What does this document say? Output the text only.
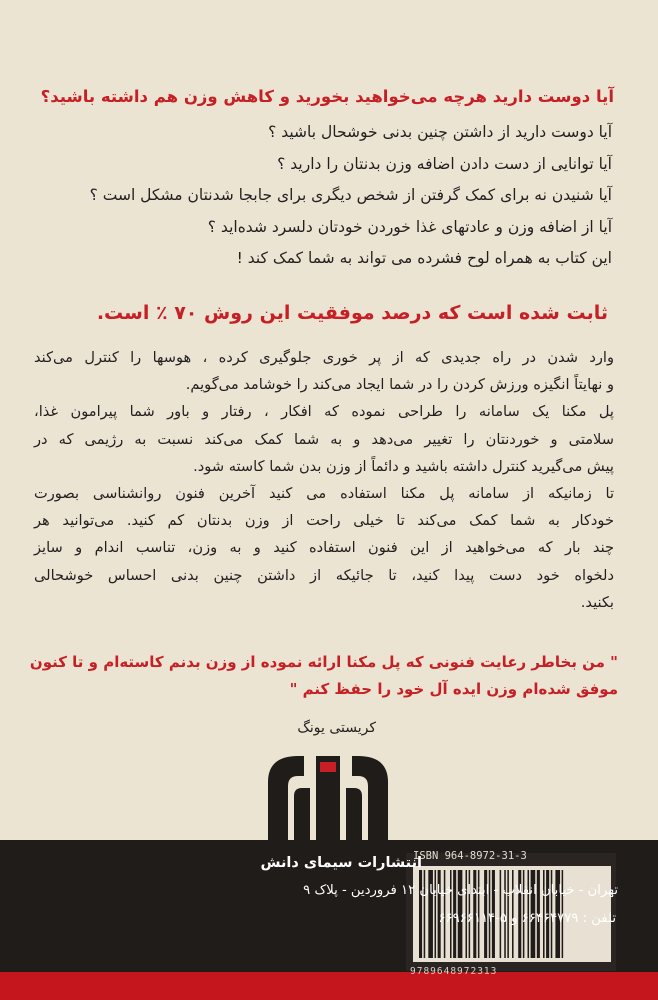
آیا دوست دارید هرچه می‌خواهید بخورید و کاهش وزن هم داشته باشید؟
آیا دوست دارید از داشتن چنین بدنی خوشحال باشید ؟
آیا توانایی از دست دادن اضافه وزن بدنتان را دارید ؟
آیا شنیدن نه برای کمک گرفتن از شخص دیگری برای جابجا شدنتان مشکل است ؟
آیا از اضافه وزن و عادتهای غذا خوردن خودتان دلسرد شده‌اید ؟
این کتاب به همراه لوح فشرده می تواند به شما کمک کند !
ثابت شده است که درصد موفقیت این روش ۷۰ ٪ است.
وارد شدن در راه جدیدی که از پر خوری جلوگیری کرده ، هوسها را کنترل می‌کند
و نهایتاً انگیزه ورزش کردن را در شما ایجاد می‌کند را خوشامد می‌گویم.
پل مکنا یک سامانه را طراحی نموده که افکار ، رفتار و باور شما پیرامون غذا،
سلامتی و خوردنتان را تغییر می‌دهد و به شما کمک می‌کند نسبت به رژیمی که در
پیش می‌گیرید کنترل داشته باشید و دائماً از وزن بدن شما کاسته شود.
تا زمانیکه از سامانه پل مکنا استفاده می کنید آخرین فنون روانشناسی بصورت
خودکار به شما کمک می‌کند تا خیلی راحت از وزن بدنتان کم کنید. می‌توانید هر
چند بار که می‌خواهید از این فنون استفاده کنید و به وزن، تناسب اندام و سایز
دلخواه خود دست پیدا کنید، تا جائیکه از داشتن چنین بدنی احساس خوشحالی
بکنید.
" من بخاطر رعایت فنونی که پل مکنا ارائه نموده از وزن بدنم کاسته‌ام و تا کنون
موفق شده‌ام وزن ایده آل خود را حفظ کنم "
کریستی یونگ
ISBN 964-8972-31-3
9789648972313
انتشارات سیمای دانش
تهران - خیابان انقلاب - ابتدای خیابان ۱۲ فروردین - پلاک ۹
تلفن : ۶۶۴۶۴۷۷۹ و ۵-۶۶۹۶۶۱۱۴
